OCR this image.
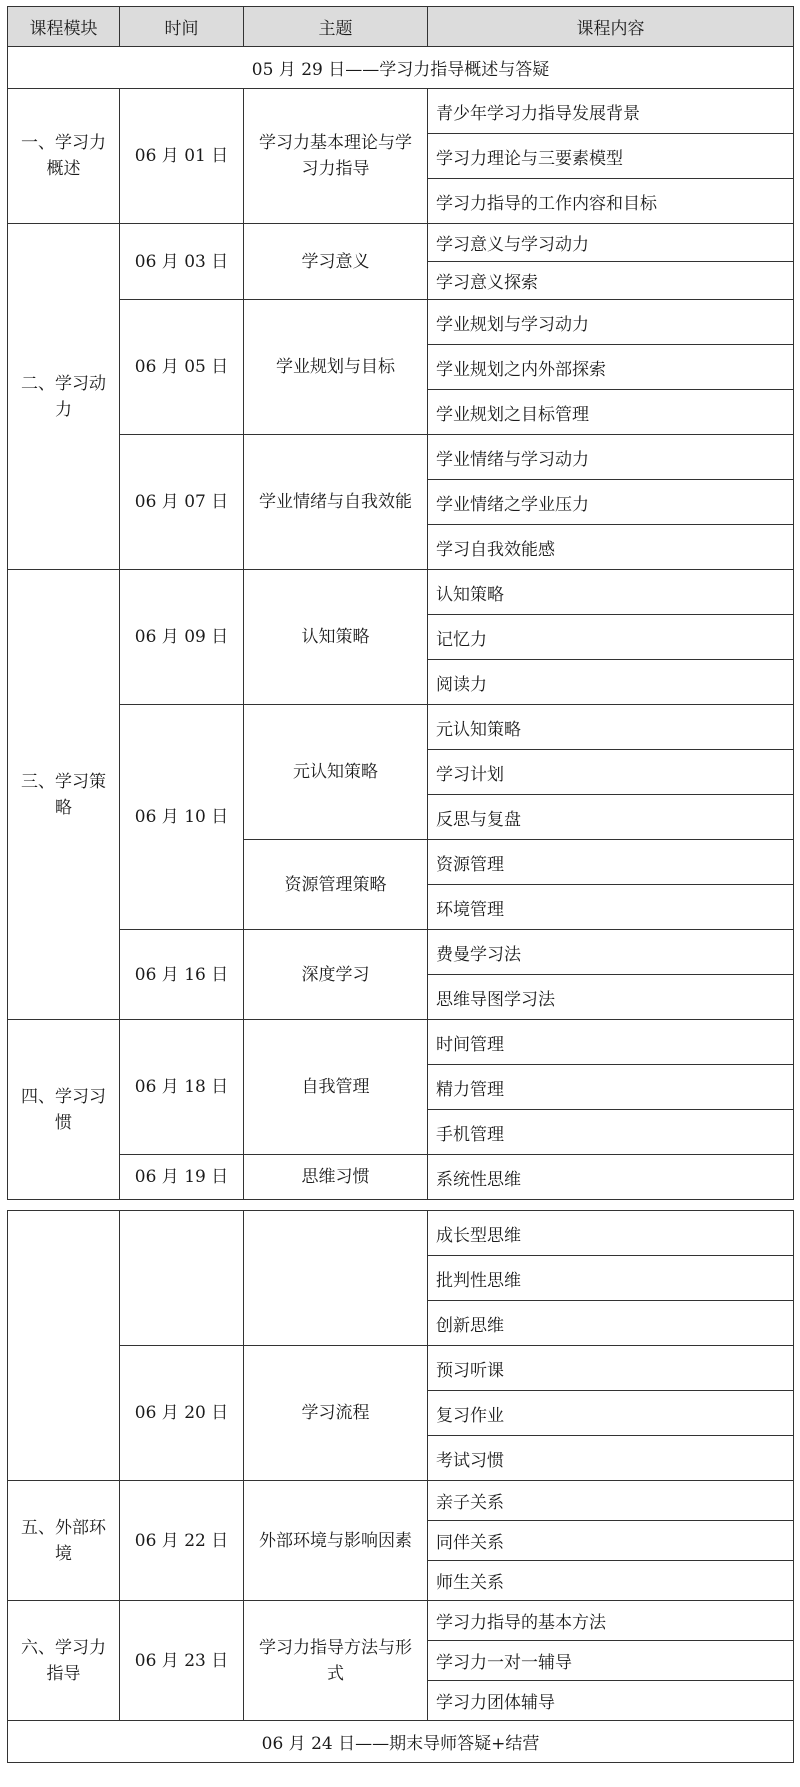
课程模块	时间	主题	课程内容
05 月 29 日——学习力指导概述与答疑			
一、学习力概述	06 月 01 日	学习力基本理论与学习力指导	青少年学习力指导发展背景
			学习力理论与三要素模型
			学习力指导的工作内容和目标
二、学习动力	06 月 03 日	学习意义	学习意义与学习动力
			学习意义探索
	06 月 05 日	学业规划与目标	学业规划与学习动力
			学业规划之内外部探索
			学业规划之目标管理
	06 月 07 日	学业情绪与自我效能	学业情绪与学习动力
			学业情绪之学业压力
			学习自我效能感
三、学习策略	06 月 09 日	认知策略	认知策略
			记忆力
			阅读力
	06 月 10 日	元认知策略	元认知策略
			学习计划
			反思与复盘
		资源管理策略	资源管理
			环境管理
	06 月 16 日	深度学习	费曼学习法
			思维导图学习法
四、学习习惯	06 月 18 日	自我管理	时间管理
			精力管理
			手机管理
	06 月 19 日	思维习惯	系统性思维
			成长型思维
			批判性思维
			创新思维
	06 月 20 日	学习流程	预习听课
			复习作业
			考试习惯
五、外部环境	06 月 22 日	外部环境与影响因素	亲子关系
			同伴关系
			师生关系
六、学习力指导	06 月 23 日	学习力指导方法与形式	学习力指导的基本方法
			学习力一对一辅导
			学习力团体辅导
06 月 24 日——期末导师答疑+结营			
